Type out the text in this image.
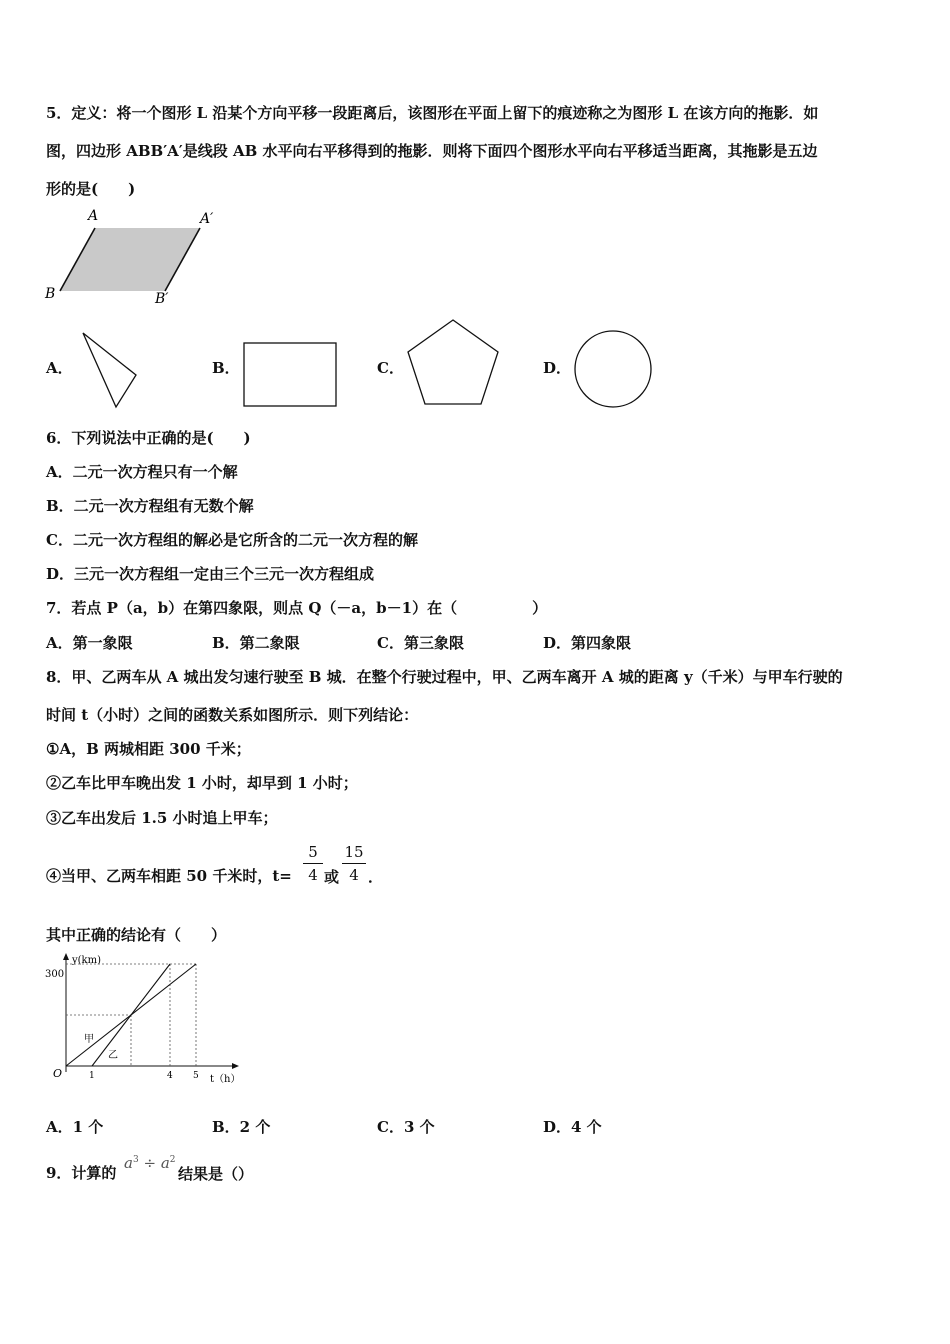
5．定义：将一个图形 L 沿某个方向平移一段距离后，该图形在平面上留下的痕迹称之为图形 L 在该方向的拖影．如
图，四边形 ABB′A′是线段 AB 水平向右平移得到的拖影．则将下面四个图形水平向右平移适当距离，其拖影是五边
形的是(　　)
A	A′
B	B′
A．	B．	C．	D．
6．下列说法中正确的是(　　)
A．二元一次方程只有一个解
B．二元一次方程组有无数个解
C．二元一次方程组的解必是它所含的二元一次方程的解
D．三元一次方程组一定由三个三元一次方程组成
7．若点 P（a，b）在第四象限，则点 Q（－a，b－1）在（　　　　　）
A．第一象限	B．第二象限	C．第三象限	D．第四象限
8．甲、乙两车从 A 城出发匀速行驶至 B 城．在整个行驶过程中，甲、乙两车离开 A 城的距离 y（千米）与甲车行驶的
时间 t（小时）之间的函数关系如图所示．则下列结论：
①A，B 两城相距 300 千米；
②乙车比甲车晚出发 1 小时，却早到 1 小时；
③乙车出发后 1.5 小时追上甲车；
④当甲、乙两车相距 50 千米时，t=
5
4 或
15
4 ．
其中正确的结论有（　　）
y(km)
t（h）
O
300
1	4 5
甲
乙
A．1 个	B．2 个	C．3 个	D．4 个
9．计算的
$a^3 \div a^2$
结果是（）
